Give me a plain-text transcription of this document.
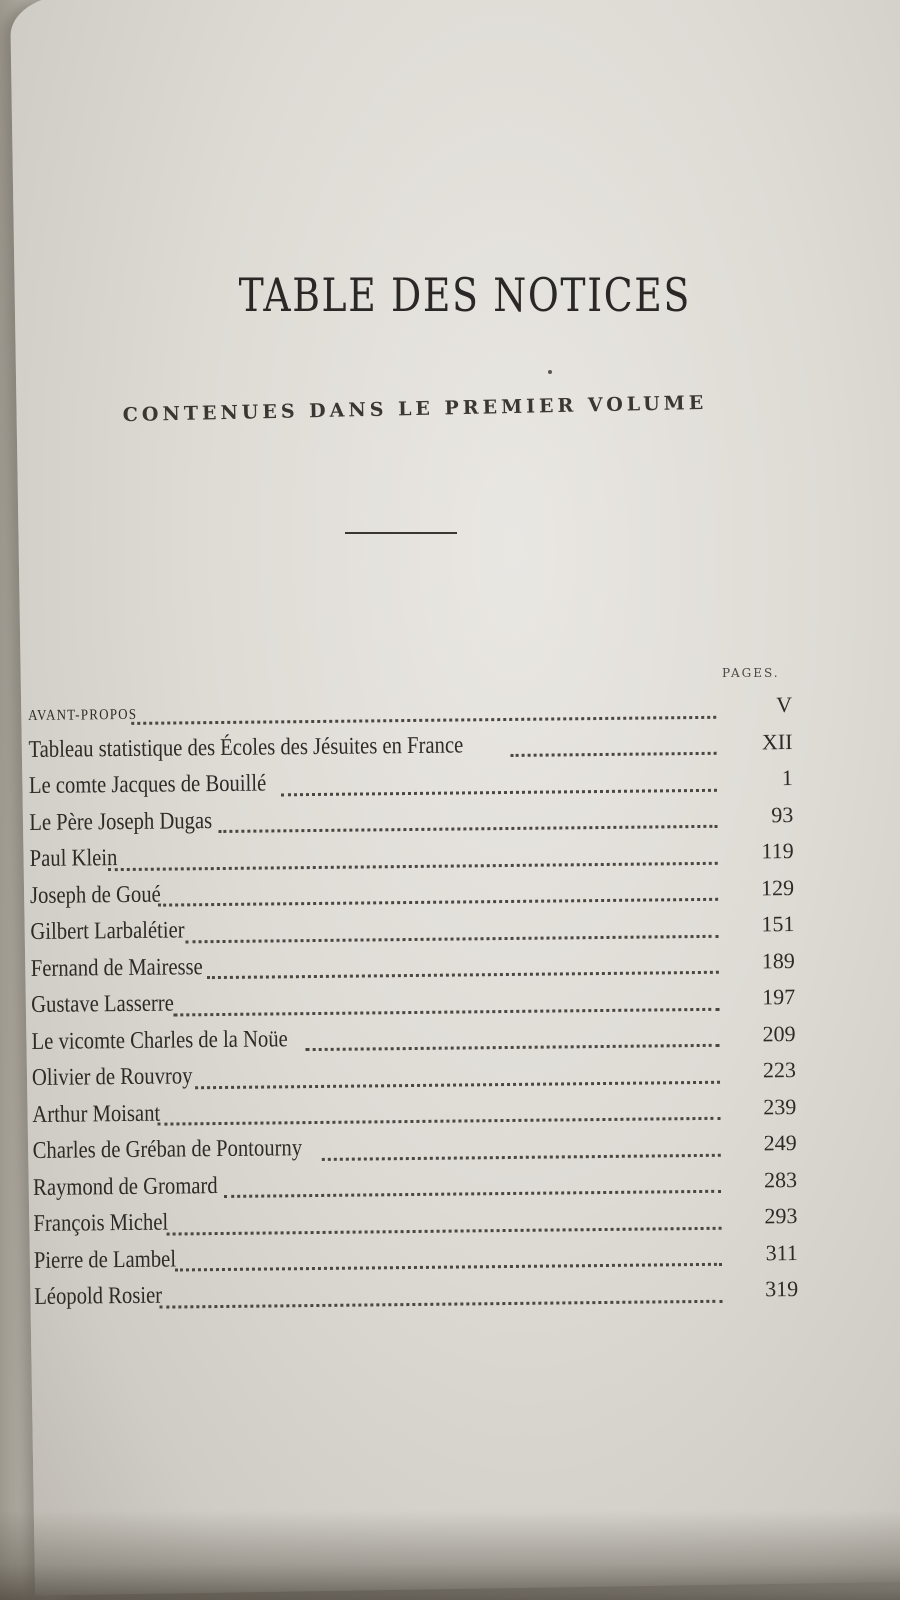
TABLE DES NOTICES
CONTENUES DANS LE PREMIER VOLUME
PAGES.
AVANT-PROPOS	V
Tableau statistique des Écoles des Jésuites en France	XII
Le comte Jacques de Bouillé	1
Le Père Joseph Dugas	93
Paul Klein	119
Joseph de Goué	129
Gilbert Larbalétier	151
Fernand de Mairesse	189
Gustave Lasserre	197
Le vicomte Charles de la Noüe	209
Olivier de Rouvroy	223
Arthur Moisant	239
Charles de Gréban de Pontourny	249
Raymond de Gromard	283
François Michel	293
Pierre de Lambel	311
Léopold Rosier	319
